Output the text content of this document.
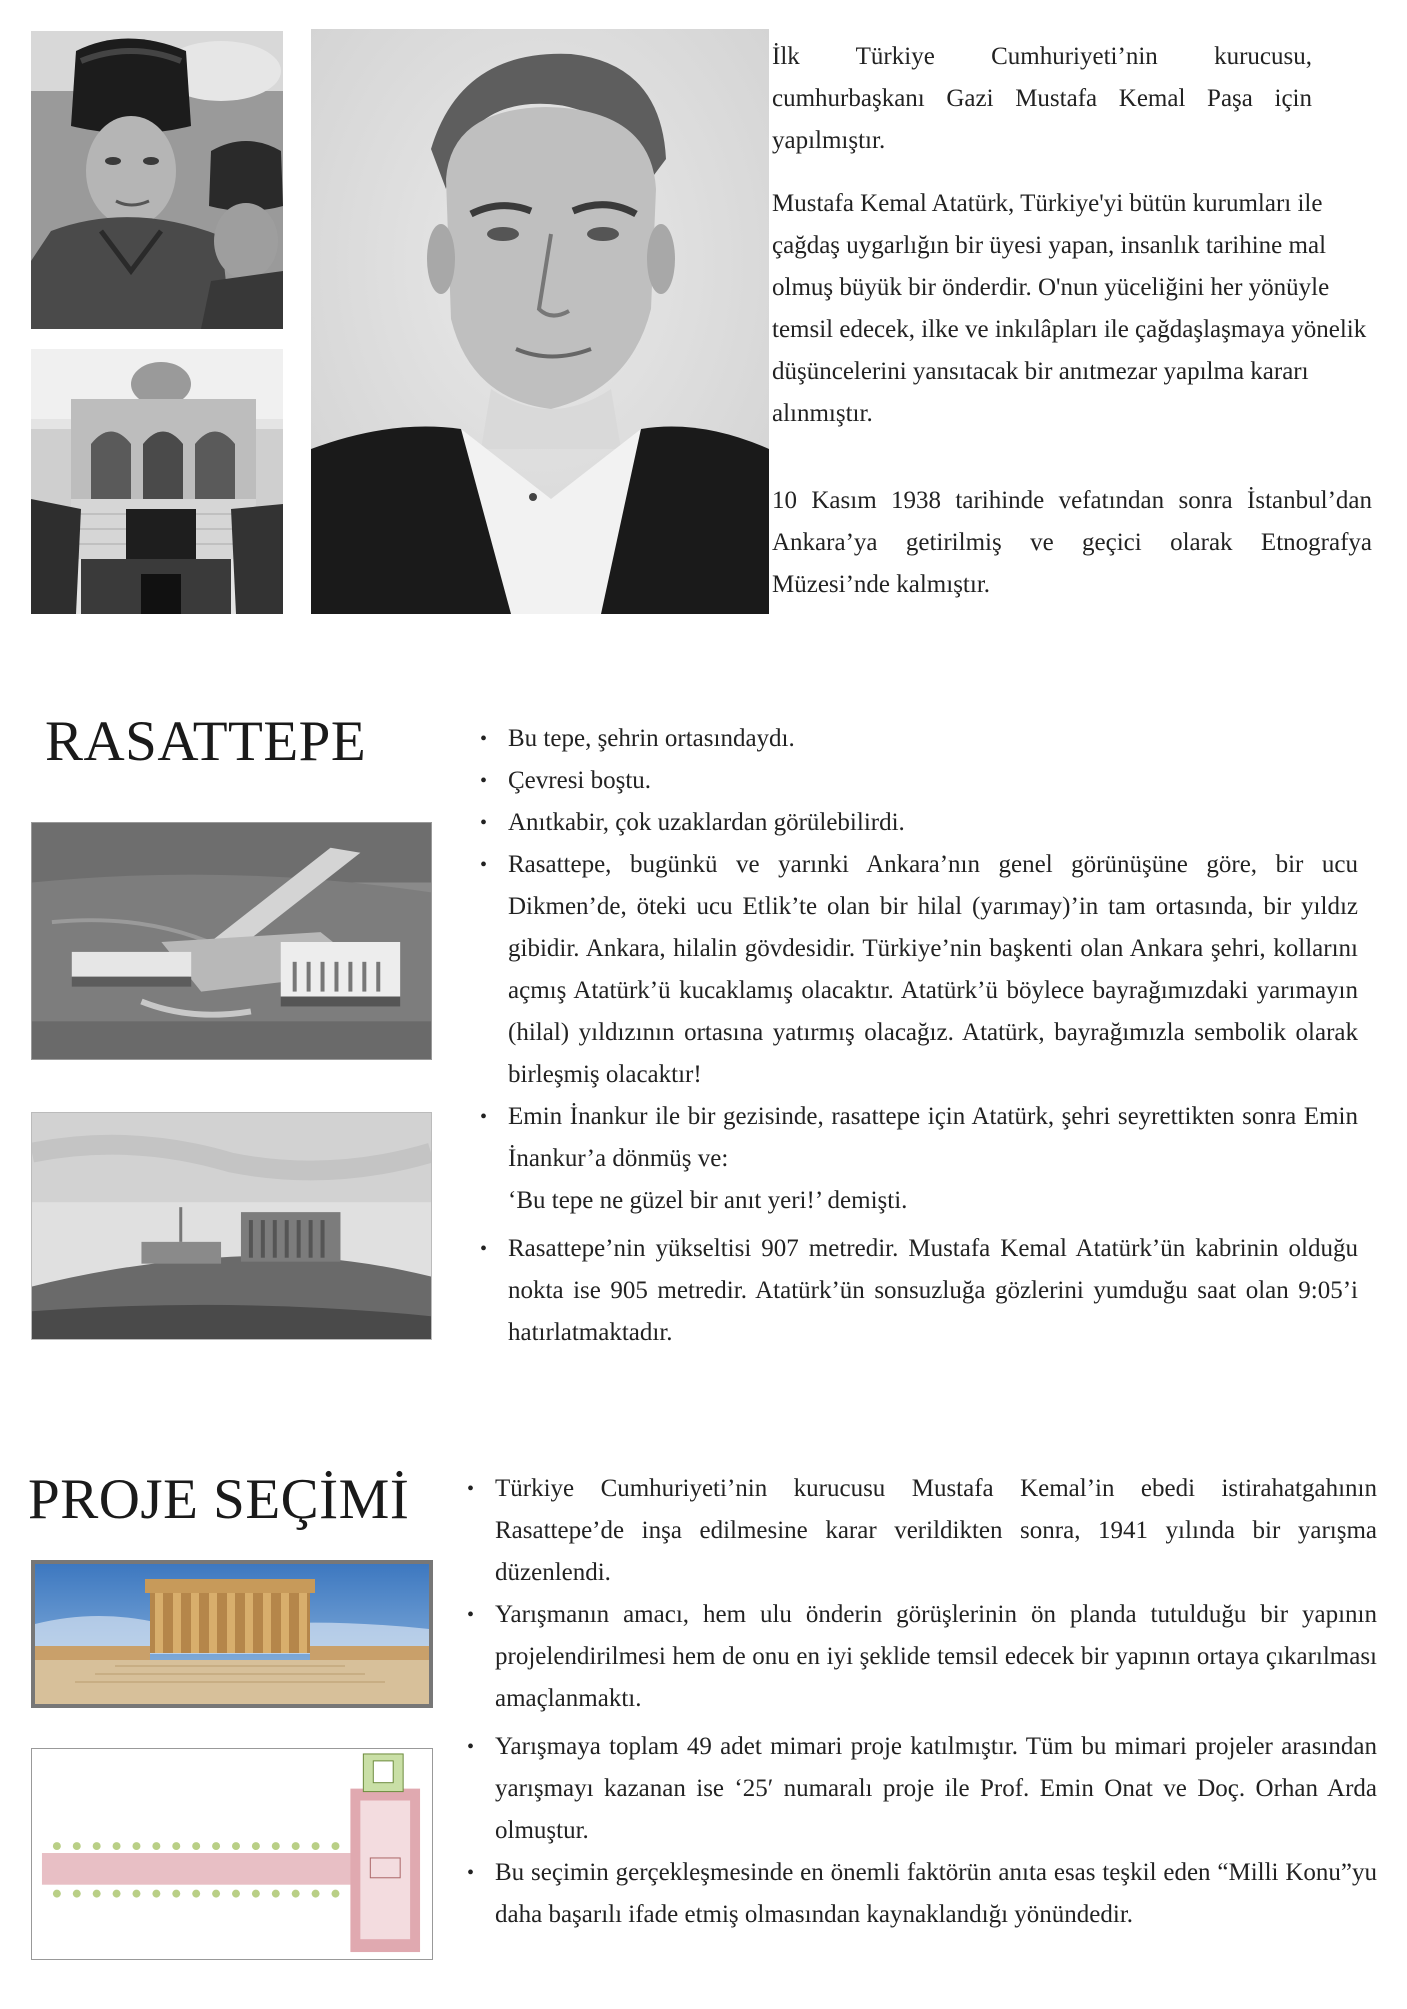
İlk Türkiye Cumhuriyeti’nin kurucusu, cumhurbaşkanı Gazi Mustafa Kemal Paşa için yapılmıştır.

Mustafa Kemal Atatürk, Türkiye'yi bütün kurumları ile çağdaş uygarlığın bir üyesi yapan, insanlık tarihine mal olmuş büyük bir önderdir. O'nun yüceliğini her yönüyle temsil edecek, ilke ve inkılâpları ile çağdaşlaşmaya yönelik düşüncelerini yansıtacak bir anıtmezar yapılma kararı alınmıştır.

10 Kasım 1938 tarihinde vefatından sonra İstanbul’dan Ankara’ya getirilmiş ve geçici olarak Etnografya Müzesi’nde kalmıştır.

RASATTEPE	• Bu tepe, şehrin ortasındaydı.
• Çevresi boştu.
• Anıtkabir, çok uzaklardan görülebilirdi.
• Rasattepe, bugünkü ve yarınki Ankara’nın genel görünüşüne göre, bir ucu Dikmen’de, öteki ucu Etlik’te olan bir hilal (yarımay)’in tam ortasında, bir yıldız gibidir. Ankara, hilalin gövdesidir. Türkiye’nin başkenti olan Ankara şehri, kollarını açmış Atatürk’ü kucaklamış olacaktır. Atatürk’ü böylece bayrağımızdaki yarımayın (hilal) yıldızının ortasına yatırmış olacağız. Atatürk, bayrağımızla sembolik olarak birleşmiş olacaktır!
• Emin İnankur ile bir gezisinde, rasattepe için Atatürk, şehri seyrettikten sonra Emin İnankur’a dönmüş ve:
‘Bu tepe ne güzel bir anıt yeri!’ demişti.
• Rasattepe’nin yükseltisi 907 metredir. Mustafa Kemal Atatürk’ün kabrinin olduğu nokta ise 905 metredir. Atatürk’ün sonsuzluğa gözlerini yumduğu saat olan 9:05’i hatırlatmaktadır.
PROJE SEÇİMİ	• Türkiye Cumhuriyeti’nin kurucusu Mustafa Kemal’in ebedi istirahatgahının Rasattepe’de inşa edilmesine karar verildikten sonra, 1941 yılında bir yarışma düzenlendi.
• Yarışmanın amacı, hem ulu önderin görüşlerinin ön planda tutulduğu bir yapının projelendirilmesi hem de onu en iyi şeklide temsil edecek bir yapının ortaya çıkarılması amaçlanmaktı.
• Yarışmaya toplam 49 adet mimari proje katılmıştır. Tüm bu mimari projeler arasından yarışmayı kazanan ise ‘25′ numaralı proje ile Prof. Emin Onat ve Doç. Orhan Arda olmuştur.
• Bu seçimin gerçekleşmesinde en önemli faktörün anıta esas teşkil eden “Milli Konu”yu daha başarılı ifade etmiş olmasından kaynaklandığı yönündedir.
